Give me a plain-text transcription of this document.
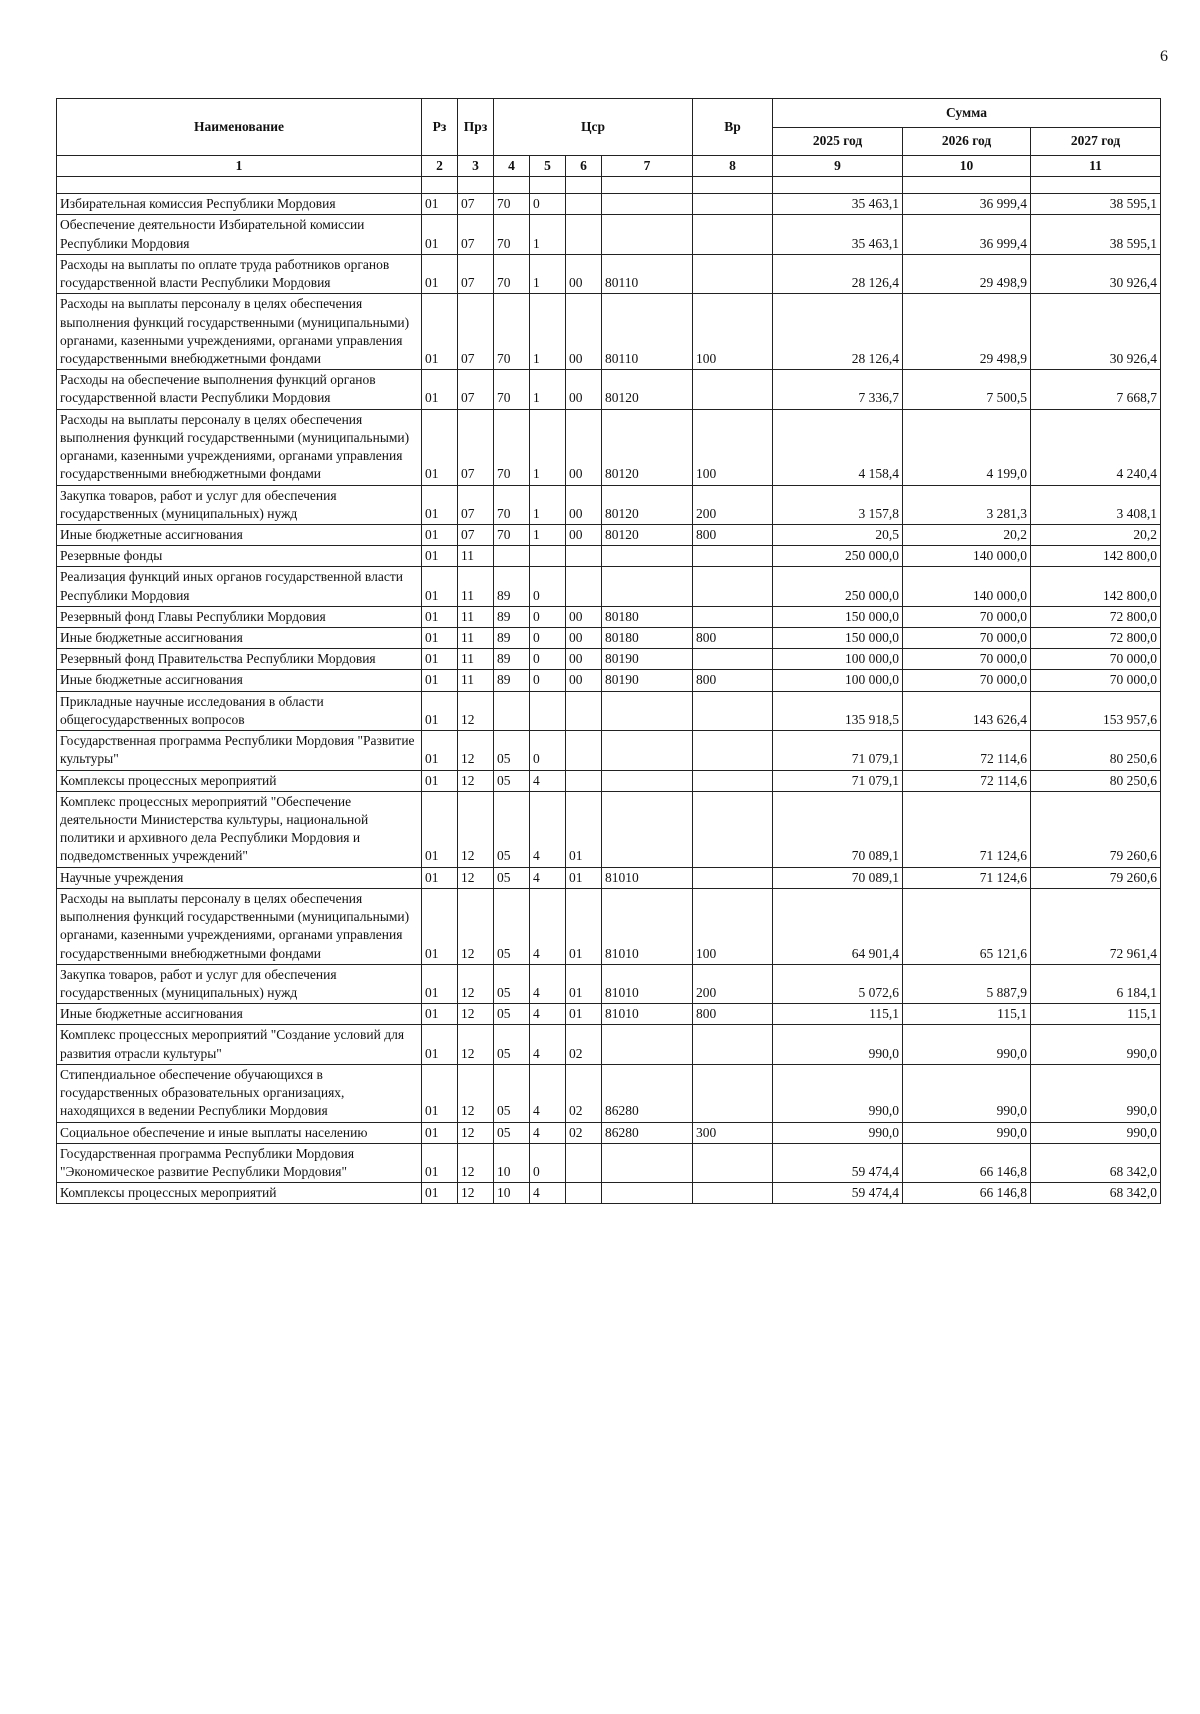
6
Наименование	Рз	Прз	Цср				Вр	Сумма		
								2025 год	2026 год	2027 год
1	2	3	4	5	6	7	8	9	10	11

Избирательная комиссия Республики Мордовия	01	07	70	0				35 463,1	36 999,4	38 595,1
Обеспечение деятельности Избирательной комиссии Республики Мордовия	01	07	70	1				35 463,1	36 999,4	38 595,1
Расходы на выплаты по оплате труда работников органов государственной власти Республики Мордовия	01	07	70	1	00	80110		28 126,4	29 498,9	30 926,4
Расходы на выплаты персоналу в целях обеспечения выполнения функций государственными (муниципальными) органами, казенными учреждениями, органами управления государственными внебюджетными фондами	01	07	70	1	00	80110	100	28 126,4	29 498,9	30 926,4
Расходы на обеспечение выполнения функций органов государственной власти Республики Мордовия	01	07	70	1	00	80120		7 336,7	7 500,5	7 668,7
Расходы на выплаты персоналу в целях обеспечения выполнения функций государственными (муниципальными) органами, казенными учреждениями, органами управления государственными внебюджетными фондами	01	07	70	1	00	80120	100	4 158,4	4 199,0	4 240,4
Закупка товаров, работ и услуг для обеспечения государственных (муниципальных) нужд	01	07	70	1	00	80120	200	3 157,8	3 281,3	3 408,1
Иные бюджетные ассигнования	01	07	70	1	00	80120	800	20,5	20,2	20,2
Резервные фонды	01	11						250 000,0	140 000,0	142 800,0
Реализация функций иных органов государственной власти Республики Мордовия	01	11	89	0				250 000,0	140 000,0	142 800,0
Резервный фонд Главы Республики Мордовия	01	11	89	0	00	80180		150 000,0	70 000,0	72 800,0
Иные бюджетные ассигнования	01	11	89	0	00	80180	800	150 000,0	70 000,0	72 800,0
Резервный фонд Правительства Республики Мордовия	01	11	89	0	00	80190		100 000,0	70 000,0	70 000,0
Иные бюджетные ассигнования	01	11	89	0	00	80190	800	100 000,0	70 000,0	70 000,0
Прикладные научные исследования в области общегосударственных вопросов	01	12						135 918,5	143 626,4	153 957,6
Государственная программа Республики Мордовия "Развитие культуры"	01	12	05	0				71 079,1	72 114,6	80 250,6
Комплексы процессных мероприятий	01	12	05	4				71 079,1	72 114,6	80 250,6
Комплекс процессных мероприятий "Обеспечение деятельности Министерства культуры, национальной политики и архивного дела Республики Мордовия и подведомственных учреждений"	01	12	05	4	01			70 089,1	71 124,6	79 260,6
Научные учреждения	01	12	05	4	01	81010		70 089,1	71 124,6	79 260,6
Расходы на выплаты персоналу в целях обеспечения выполнения функций государственными (муниципальными) органами, казенными учреждениями, органами управления государственными внебюджетными фондами	01	12	05	4	01	81010	100	64 901,4	65 121,6	72 961,4
Закупка товаров, работ и услуг для обеспечения государственных (муниципальных) нужд	01	12	05	4	01	81010	200	5 072,6	5 887,9	6 184,1
Иные бюджетные ассигнования	01	12	05	4	01	81010	800	115,1	115,1	115,1
Комплекс процессных мероприятий "Создание условий для развития отрасли культуры"	01	12	05	4	02			990,0	990,0	990,0
Стипендиальное обеспечение обучающихся в государственных образовательных организациях, находящихся в ведении Республики Мордовия	01	12	05	4	02	86280		990,0	990,0	990,0
Социальное обеспечение и иные выплаты населению	01	12	05	4	02	86280	300	990,0	990,0	990,0
Государственная программа Республики Мордовия "Экономическое развитие Республики Мордовия"	01	12	10	0				59 474,4	66 146,8	68 342,0
Комплексы процессных мероприятий	01	12	10	4				59 474,4	66 146,8	68 342,0
